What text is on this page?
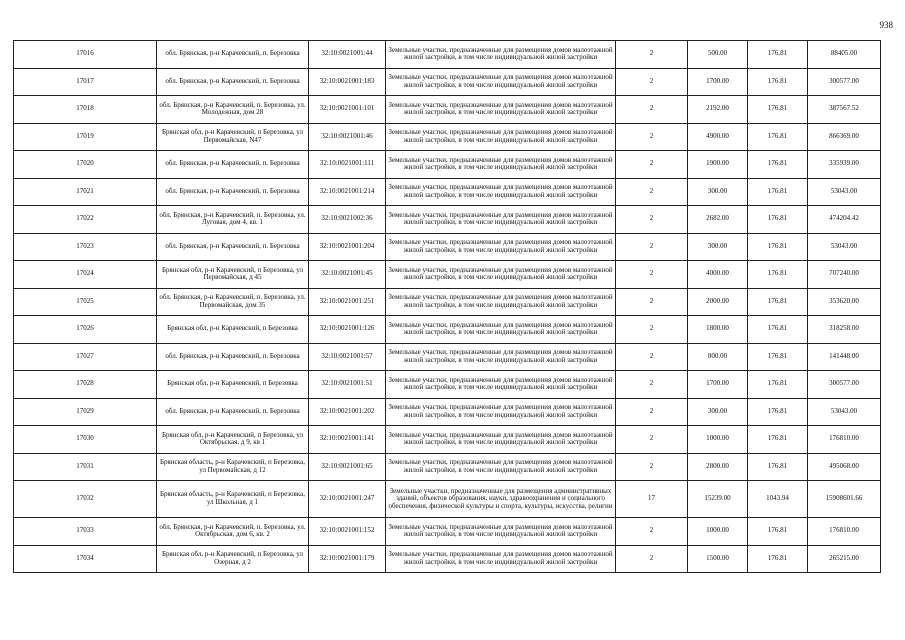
938
17016	обл. Брянская, р-н Карачевский, п. Березовка	32:10:0021001:44	Земельные участки, предназначенные для размещения домов малоэтажной жилой застройки, в том числе индивидуальной жилой застройки	2	500.00	176.81	88405.00
17017	обл. Брянская, р-н Карачевский, п. Березовка	32:10:0021001:183	Земельные участки, предназначенные для размещения домов малоэтажной жилой застройки, в том числе индивидуальной жилой застройки	2	1700.00	176.81	300577.00
17018	обл. Брянская, р-н Карачевский, п. Березовка, ул. Молодежная, дом 28	32:10:0021001:101	Земельные участки, предназначенные для размещения домов малоэтажной жилой застройки, в том числе индивидуальной жилой застройки	2	2192.00	176.81	387567.52
17019	Брянская обл, р-н Карачевский, п Березовка, ул Первомайская, N47	32:10:0021001:46	Земельные участки, предназначенные для размещения домов малоэтажной жилой застройки, в том числе индивидуальной жилой застройки	2	4900.00	176.81	866369.00
17020	обл. Брянская, р-н Карачевский, п. Березовка	32:10:0021001:111	Земельные участки, предназначенные для размещения домов малоэтажной жилой застройки, в том числе индивидуальной жилой застройки	2	1900.00	176.81	335939.00
17021	обл. Брянская, р-н Карачевский, п. Березовка	32:10:0021001:214	Земельные участки, предназначенные для размещения домов малоэтажной жилой застройки, в том числе индивидуальной жилой застройки	2	300.00	176.81	53043.00
17022	обл. Брянская, р-н Карачевский, п. Березовка, ул. Луговая, дом 4, кв. 1	32:10:0021002:36	Земельные участки, предназначенные для размещения домов малоэтажной жилой застройки, в том числе индивидуальной жилой застройки	2	2682.00	176.81	474204.42
17023	обл. Брянская, р-н Карачевский, п. Березовка	32:10:0021001:204	Земельные участки, предназначенные для размещения домов малоэтажной жилой застройки, в том числе индивидуальной жилой застройки	2	300.00	176.81	53043.00
17024	Брянская обл, р-н Карачевский, п Березовка, ул Первомайская, д 45	32:10:0021001:45	Земельные участки, предназначенные для размещения домов малоэтажной жилой застройки, в том числе индивидуальной жилой застройки	2	4000.00	176.81	707240.00
17025	обл. Брянская, р-н Карачевский, п. Березовка, ул. Первомайская, дом 35	32:10:0021001:251	Земельные участки, предназначенные для размещения домов малоэтажной жилой застройки, в том числе индивидуальной жилой застройки	2	2000.00	176.81	353620.00
17026	Брянская обл, р-н Карачевский, п Березовка	32:10:0021001:126	Земельные участки, предназначенные для размещения домов малоэтажной жилой застройки, в том числе индивидуальной жилой застройки	2	1800.00	176.81	318258.00
17027	обл. Брянская, р-н Карачевский, п. Березовка	32:10:0021001:57	Земельные участки, предназначенные для размещения домов малоэтажной жилой застройки, в том числе индивидуальной жилой застройки	2	800.00	176.81	141448.00
17028	Брянская обл, р-н Карачевский, п Березовка	32:10:0021001:51	Земельные участки, предназначенные для размещения домов малоэтажной жилой застройки, в том числе индивидуальной жилой застройки	2	1700.00	176.81	300577.00
17029	обл. Брянская, р-н Карачевский, п. Березовка	32:10:0021001:202	Земельные участки, предназначенные для размещения домов малоэтажной жилой застройки, в том числе индивидуальной жилой застройки	2	300.00	176.81	53043.00
17030	Брянская обл, р-н Карачевский, п Березовка, ул Октябрьская, д 9, кв 1	32:10:0021001:141	Земельные участки, предназначенные для размещения домов малоэтажной жилой застройки, в том числе индивидуальной жилой застройки	2	1000.00	176.81	176810.00
17031	Брянская область, р-н Карачевский, п Березовка, ул Первомайская, д 12	32:10:0021001:65	Земельные участки, предназначенные для размещения домов малоэтажной жилой застройки, в том числе индивидуальной жилой застройки	2	2800.00	176.81	495068.00
17032	Брянская область, р-н Карачевский, п Березовка, ул Школьная, д 1	32:10:0021001:247	Земельные участки, предназначенные для размещения административных зданий, объектов образования, науки, здравоохранения и социального обеспечения, физической культуры и спорта, культуры, искусства, религии	17	15239.00	1043.94	15908601.66
17033	обл. Брянская, р-н Карачевский, п. Березовка, ул. Октябрьская, дом 6, кв. 2	32:10:0021001:152	Земельные участки, предназначенные для размещения домов малоэтажной жилой застройки, в том числе индивидуальной жилой застройки	2	1000.00	176.81	176810.00
17034	Брянская обл, р-н Карачевский, п Березовка, ул Озерная, д 2	32:10:0021001:179	Земельные участки, предназначенные для размещения домов малоэтажной жилой застройки, в том числе индивидуальной жилой застройки	2	1500.00	176.81	265215.00
